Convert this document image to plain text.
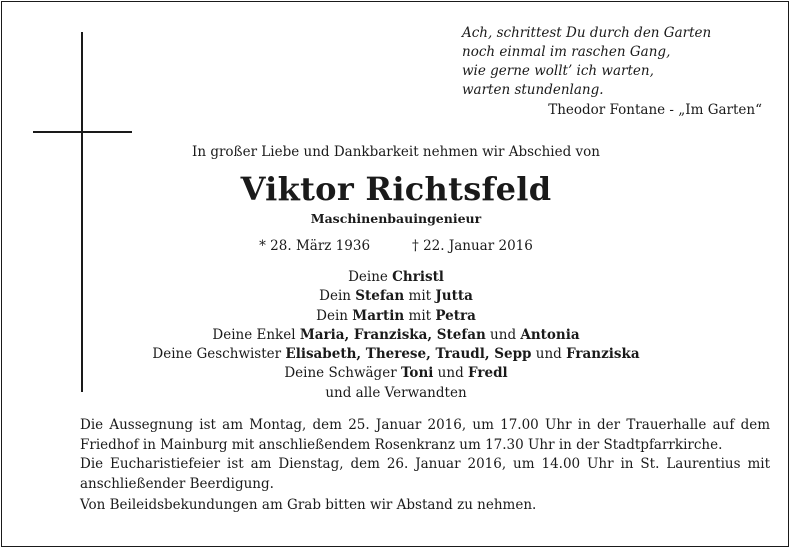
Ach, schrittest Du durch den Garten
noch einmal im raschen Gang,
wie gerne wollt’ ich warten,
warten stundenlang.
Theodor Fontane - „Im Garten“
In großer Liebe und Dankbarkeit nehmen wir Abschied von
Viktor Richtsfeld
Maschinenbauingenieur
* 28. März 1936	† 22. Januar 2016
Deine Christl
Dein Stefan mit Jutta
Dein Martin mit Petra
Deine Enkel Maria, Franziska, Stefan und Antonia
Deine Geschwister Elisabeth, Therese, Traudl, Sepp und Franziska
Deine Schwäger Toni und Fredl
und alle Verwandten
Die Aussegnung ist am Montag, dem 25. Januar 2016, um 17.00 Uhr in der Trauerhalle auf dem Friedhof in Mainburg mit anschließendem Rosenkranz um 17.30 Uhr in der Stadtpfarrkirche.
Die Eucharistiefeier ist am Dienstag, dem 26. Januar 2016, um 14.00 Uhr in St. Laurentius mit anschließender Beerdigung.
Von Beileidsbekundungen am Grab bitten wir Abstand zu nehmen.
